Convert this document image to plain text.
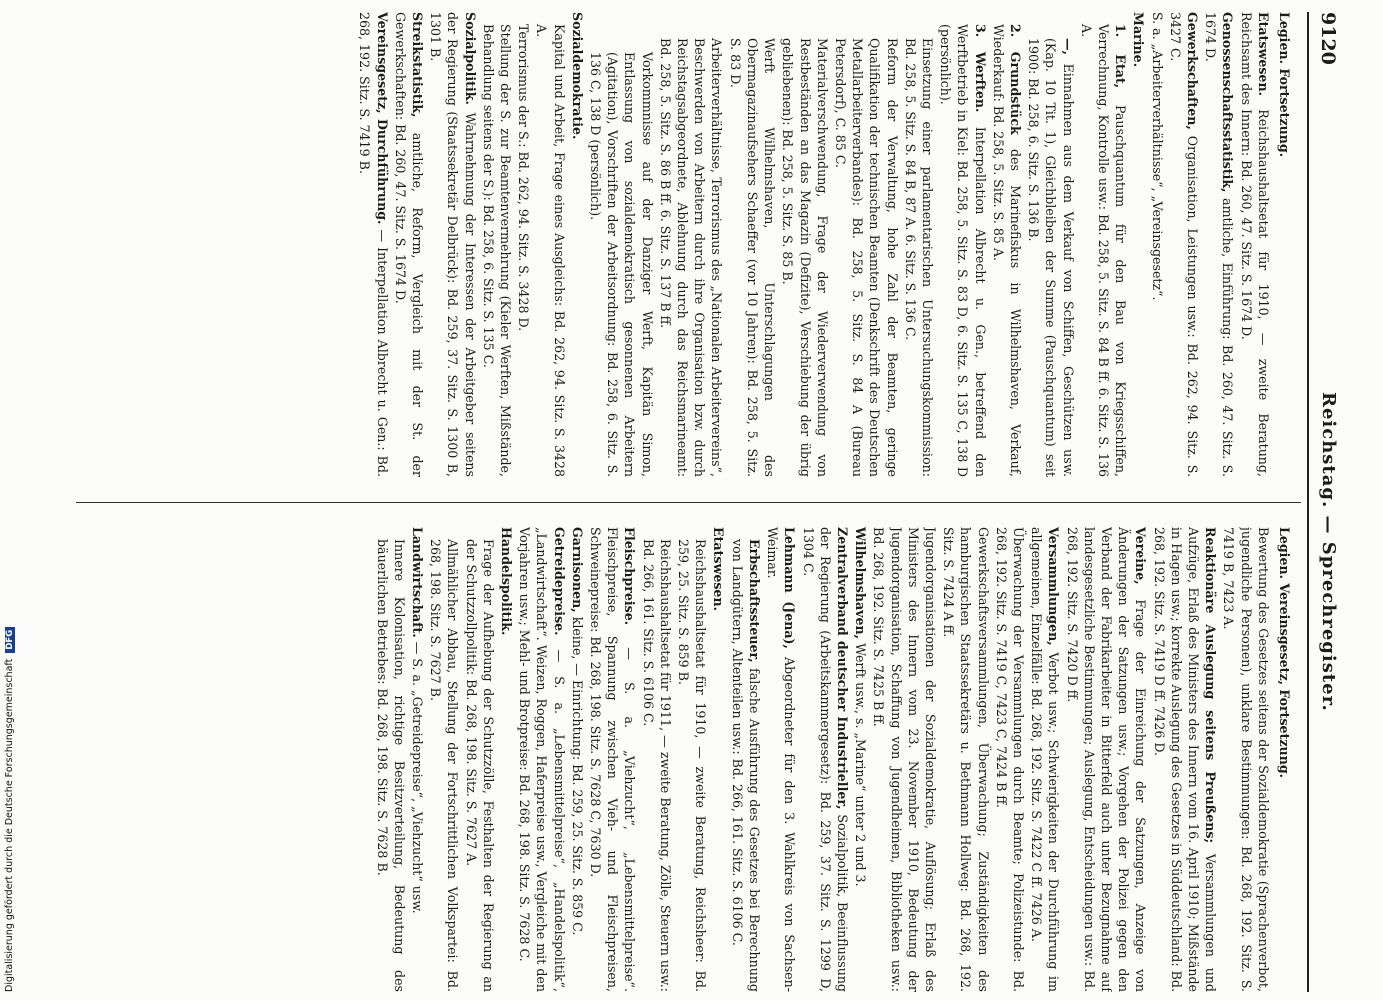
9120
Reichstag. — Sprechregister.
Legien. Fortsetzung.
Etatswesen. Reichshaushaltsetat für 1910, — zweite Beratung, Reichsamt des Innern: Bd. 260, 47. Sitz. S. 1674 D.
Genossenschaftsstatistik, amtliche, Einführung: Bd. 260, 47. Sitz. S. 1674 D.
Gewerkschaften, Organisation, Leistungen usw.: Bd. 262, 94. Sitz. S. 3427 C.
S. a. „Arbeiterverhältnisse“, „Vereinsgesetz“.
Marine.
1. Etat, Pauschquantum für den Bau von Kriegsschiffen, Verrechnung, Kontrolle usw.: Bd. 258, 5. Sitz. S. 84 B ff. 6. Sitz. S. 136 A.
—, Einnahmen aus dem Verkauf von Schiffen, Geschützen usw. (Kap. 10 Tit. 1), Gleichbleiben der Summe (Pauschquantum) seit 1900: Bd. 258, 6. Sitz. S. 136 B.
2. Grundstück des Marinefiskus in Wilhelmshaven, Verkauf, Wiederkauf: Bd. 258, 5. Sitz. S. 85 A.
3. Werften. Interpellation Albrecht u. Gen., betreffend den Werftbetrieb in Kiel: Bd. 258, 5. Sitz. S. 83 D, 6. Sitz. S. 135 C, 138 D (persönlich).
Einsetzung einer parlamentarischen Untersuchungskommission: Bd. 258, 5. Sitz. S. 84 B, 87 A. 6. Sitz. S. 136 C.
Reform der Verwaltung, hohe Zahl der Beamten, geringe Qualifikation der technischen Beamten (Denkschrift des Deutschen Metallarbeiterverbandes): Bd. 258, 5. Sitz. S. 84 A (Bureau Petersdorf), C. 85 C.
Materialverschwendung, Frage der Wiederverwendung von Restbeständen an das Magazin (Defizite), Verschiebung der übrig gebliebenen): Bd. 258, 5. Sitz. S. 85 B.
Werft Wilhelmshaven, Unterschlagungen des Obermagazinaufsehers Schaeffer (vor 10 Jahren): Bd. 258, 5. Sitz. S. 83 D.
Arbeiterverhältnisse, Terrorismus des „Nationalen Arbeitervereins“, Beschwerden von Arbeitern durch ihre Organisation bzw. durch Reichstagsabgeordnete, Ablehnung durch das Reichsmarineamt: Bd. 258, 5. Sitz. S. 86 B ff. 6. Sitz. S. 137 B ff.
Vorkommnisse auf der Danziger Werft, Kapitän Simon, Entlassung von sozialdemokratisch gesonnenen Arbeitern (Agitation), Vorschriften der Arbeitsordnung: Bd. 258, 6. Sitz. S. 136 C, 138 D (persönlich).
Sozialdemokratie.
Kapital und Arbeit, Frage eines Ausgleichs: Bd. 262, 94. Sitz. S. 3428 A.
Terrorismus der S.: Bd. 262, 94. Sitz. S. 3428 D.
Stellung der S. zur Beamtenvermehrung (Kieler Werften, Mißstände, Behandlung seitens der S.): Bd. 258, 6. Sitz. S. 135 C.
Sozialpolitik. Wahrnehmung der Interessen der Arbeitgeber seitens der Regierung (Staatssekretär Delbrück): Bd. 259, 37. Sitz. S. 1300 B, 1301 B.
Streikstatistik, amtliche, Reform, Vergleich mit der St. der Gewerkschaften: Bd. 260, 47. Sitz. S. 1674 D.
Vereinsgesetz, Durchführung. — Interpellation Albrecht u. Gen.: Bd. 268, 192. Sitz. S. 7419 B.
Legien. Vereinsgesetz, Fortsetzung.
Bewertung des Gesetzes seitens der Sozialdemokratie (Sprachenverbot, jugendliche Personen), unklare Bestimmungen: Bd. 268, 192. Sitz. S. 7419 B, 7423 A.
Reaktionäre Auslegung seitens Preußens; Versammlungen und Aufzüge, Erlaß des Ministers des Innern vom 16. April 1910; Mißstände in Hagen usw.; korrekte Auslegung des Gesetzes in Süddeutschland: Bd. 268, 192. Sitz. S. 7419 D ff. 7426 D.
Vereine, Frage der Einreichung der Satzungen, Anzeige von Änderungen der Satzungen usw.; Vorgehen der Polizei gegen den Verband der Fabrikarbeiter in Bitterfeld auch unter Bezugnahme auf landesgesetzliche Bestimmungen; Auslegung, Entscheidungen usw.: Bd. 268, 192. Sitz. S. 7420 D ff.
Versammlungen, Verbot usw.; Schwierigkeiten der Durchführung im allgemeinen, Einzelfälle: Bd. 268, 192. Sitz. S. 7422 C ff. 7426 A.
Überwachung der Versammlungen durch Beamte; Polizeistunde: Bd. 268, 192. Sitz. S. 7419 C, 7423 C, 7424 B ff.
Gewerkschaftsversammlungen, Überwachung; Zuständigkeiten des hamburgischen Staatssekretärs u. Bethmann Hollweg: Bd. 268, 192. Sitz. S. 7424 A ff.
Jugendorganisationen der Sozialdemokratie, Auflösung; Erlaß des Ministers des Innern vom 23. November 1910, Bedeutung der Jugendorganisation, Schaffung von Jugendheimen, Bibliotheken usw.: Bd. 268, 192. Sitz. S. 7425 B ff.
Wilhelmshaven, Werft usw., s. „Marine“ unter 2 und 3.
Zentralverband deutscher Industrieller, Sozialpolitik, Beeinflussung der Regierung (Arbeitskammergesetz): Bd. 259, 37. Sitz. S. 1299 D, 1304 C.
Lehmann (Jena), Abgeordneter für den 3. Wahlkreis von Sachsen-Weimar.
Erbschaftssteuer, falsche Ausführung des Gesetzes bei Berechnung von Landgütern, Altenteilen usw.: Bd. 266, 161. Sitz. S. 6106 C.
Etatswesen.
Reichshaushaltsetat für 1910, — zweite Beratung, Reichsheer: Bd. 259, 25. Sitz. S. 859 B.
Reichshaushaltsetat für 1911, — zweite Beratung, Zölle, Steuern usw.: Bd. 266, 161. Sitz. S. 6106 C.
Fleischpreise. — S. a. „Viehzucht“, „Lebensmittelpreise“. Fleischpreise, Spannung zwischen Vieh- und Fleischpreisen, Schweinepreise: Bd. 268, 198. Sitz. S. 7628 C, 7630 D.
Garnisonen, kleine, — Einrichtung: Bd. 259, 25. Sitz. S. 859 C.
Getreidepreise. — S. a. „Lebensmittelpreise“, „Handelspolitik“, „Landwirtschaft“. Weizen, Roggen, Haferpreise usw., Vergleiche mit den Vorjahren usw.; Mehl- und Brotpreise: Bd. 268, 198. Sitz. S. 7628 C.
Handelspolitik.
Frage der Aufhebung der Schutzzölle, Festhalten der Regierung an der Schutzzollpolitik: Bd. 268, 198. Sitz. S. 7627 A.
Allmählicher Abbau, Stellung der Fortschrittlichen Volkspartei: Bd. 268, 198. Sitz. S. 7627 B.
Landwirtschaft. — S. a. „Getreidepreise“, „Viehzucht“ usw.
Innere Kolonisation, richtige Besitzverteilung, Bedeutung des bäuerlichen Betriebes: Bd. 268, 198. Sitz. S. 7628 B.
Digitalisierung gefördert durch die Deutsche Forschungsgemeinschaft DFG
